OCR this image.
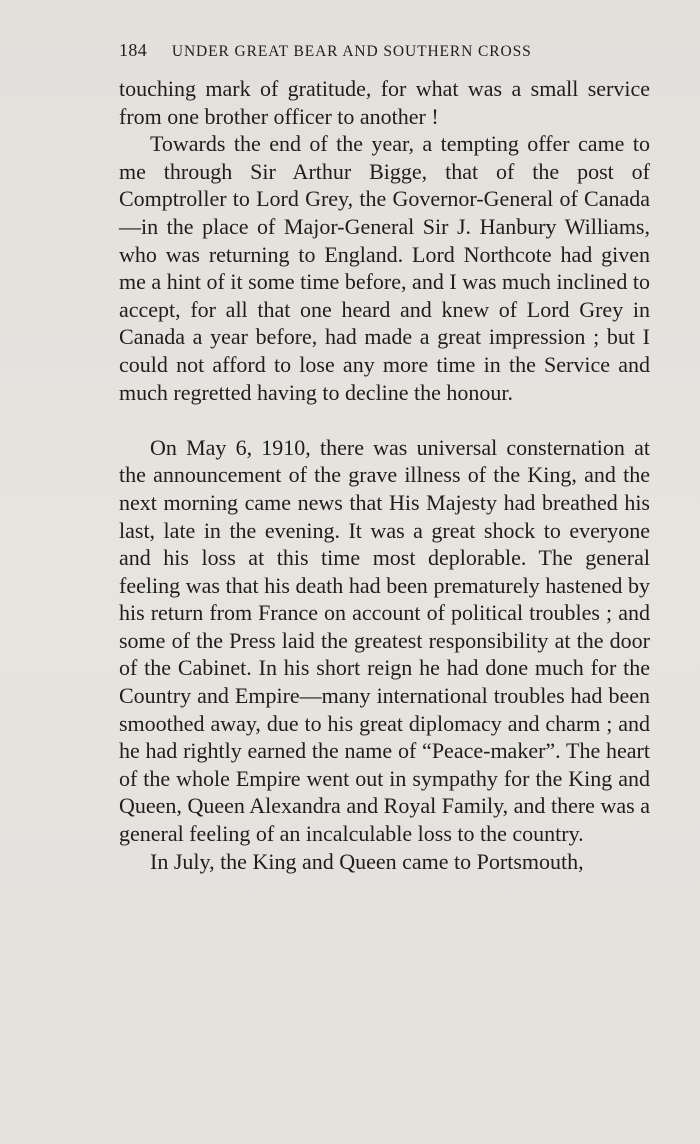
184 UNDER GREAT BEAR AND SOUTHERN CROSS

touching mark of gratitude, for what was a small service from one brother officer to another !

Towards the end of the year, a tempting offer came to me through Sir Arthur Bigge, that of the post of Comptroller to Lord Grey, the Governor-General of Canada—in the place of Major-General Sir J. Hanbury Williams, who was returning to England. Lord Northcote had given me a hint of it some time before, and I was much inclined to accept, for all that one heard and knew of Lord Grey in Canada a year before, had made a great impression ; but I could not afford to lose any more time in the Service and much regretted having to decline the honour.

On May 6, 1910, there was universal consternation at the announcement of the grave illness of the King, and the next morning came news that His Majesty had breathed his last, late in the evening. It was a great shock to everyone and his loss at this time most deplorable. The general feeling was that his death had been prematurely hastened by his return from France on account of political troubles ; and some of the Press laid the greatest responsibility at the door of the Cabinet. In his short reign he had done much for the Country and Empire—many international troubles had been smoothed away, due to his great diplomacy and charm ; and he had rightly earned the name of “Peace-maker”. The heart of the whole Empire went out in sympathy for the King and Queen, Queen Alexandra and Royal Family, and there was a general feeling of an incalculable loss to the country.

In July, the King and Queen came to Portsmouth,
